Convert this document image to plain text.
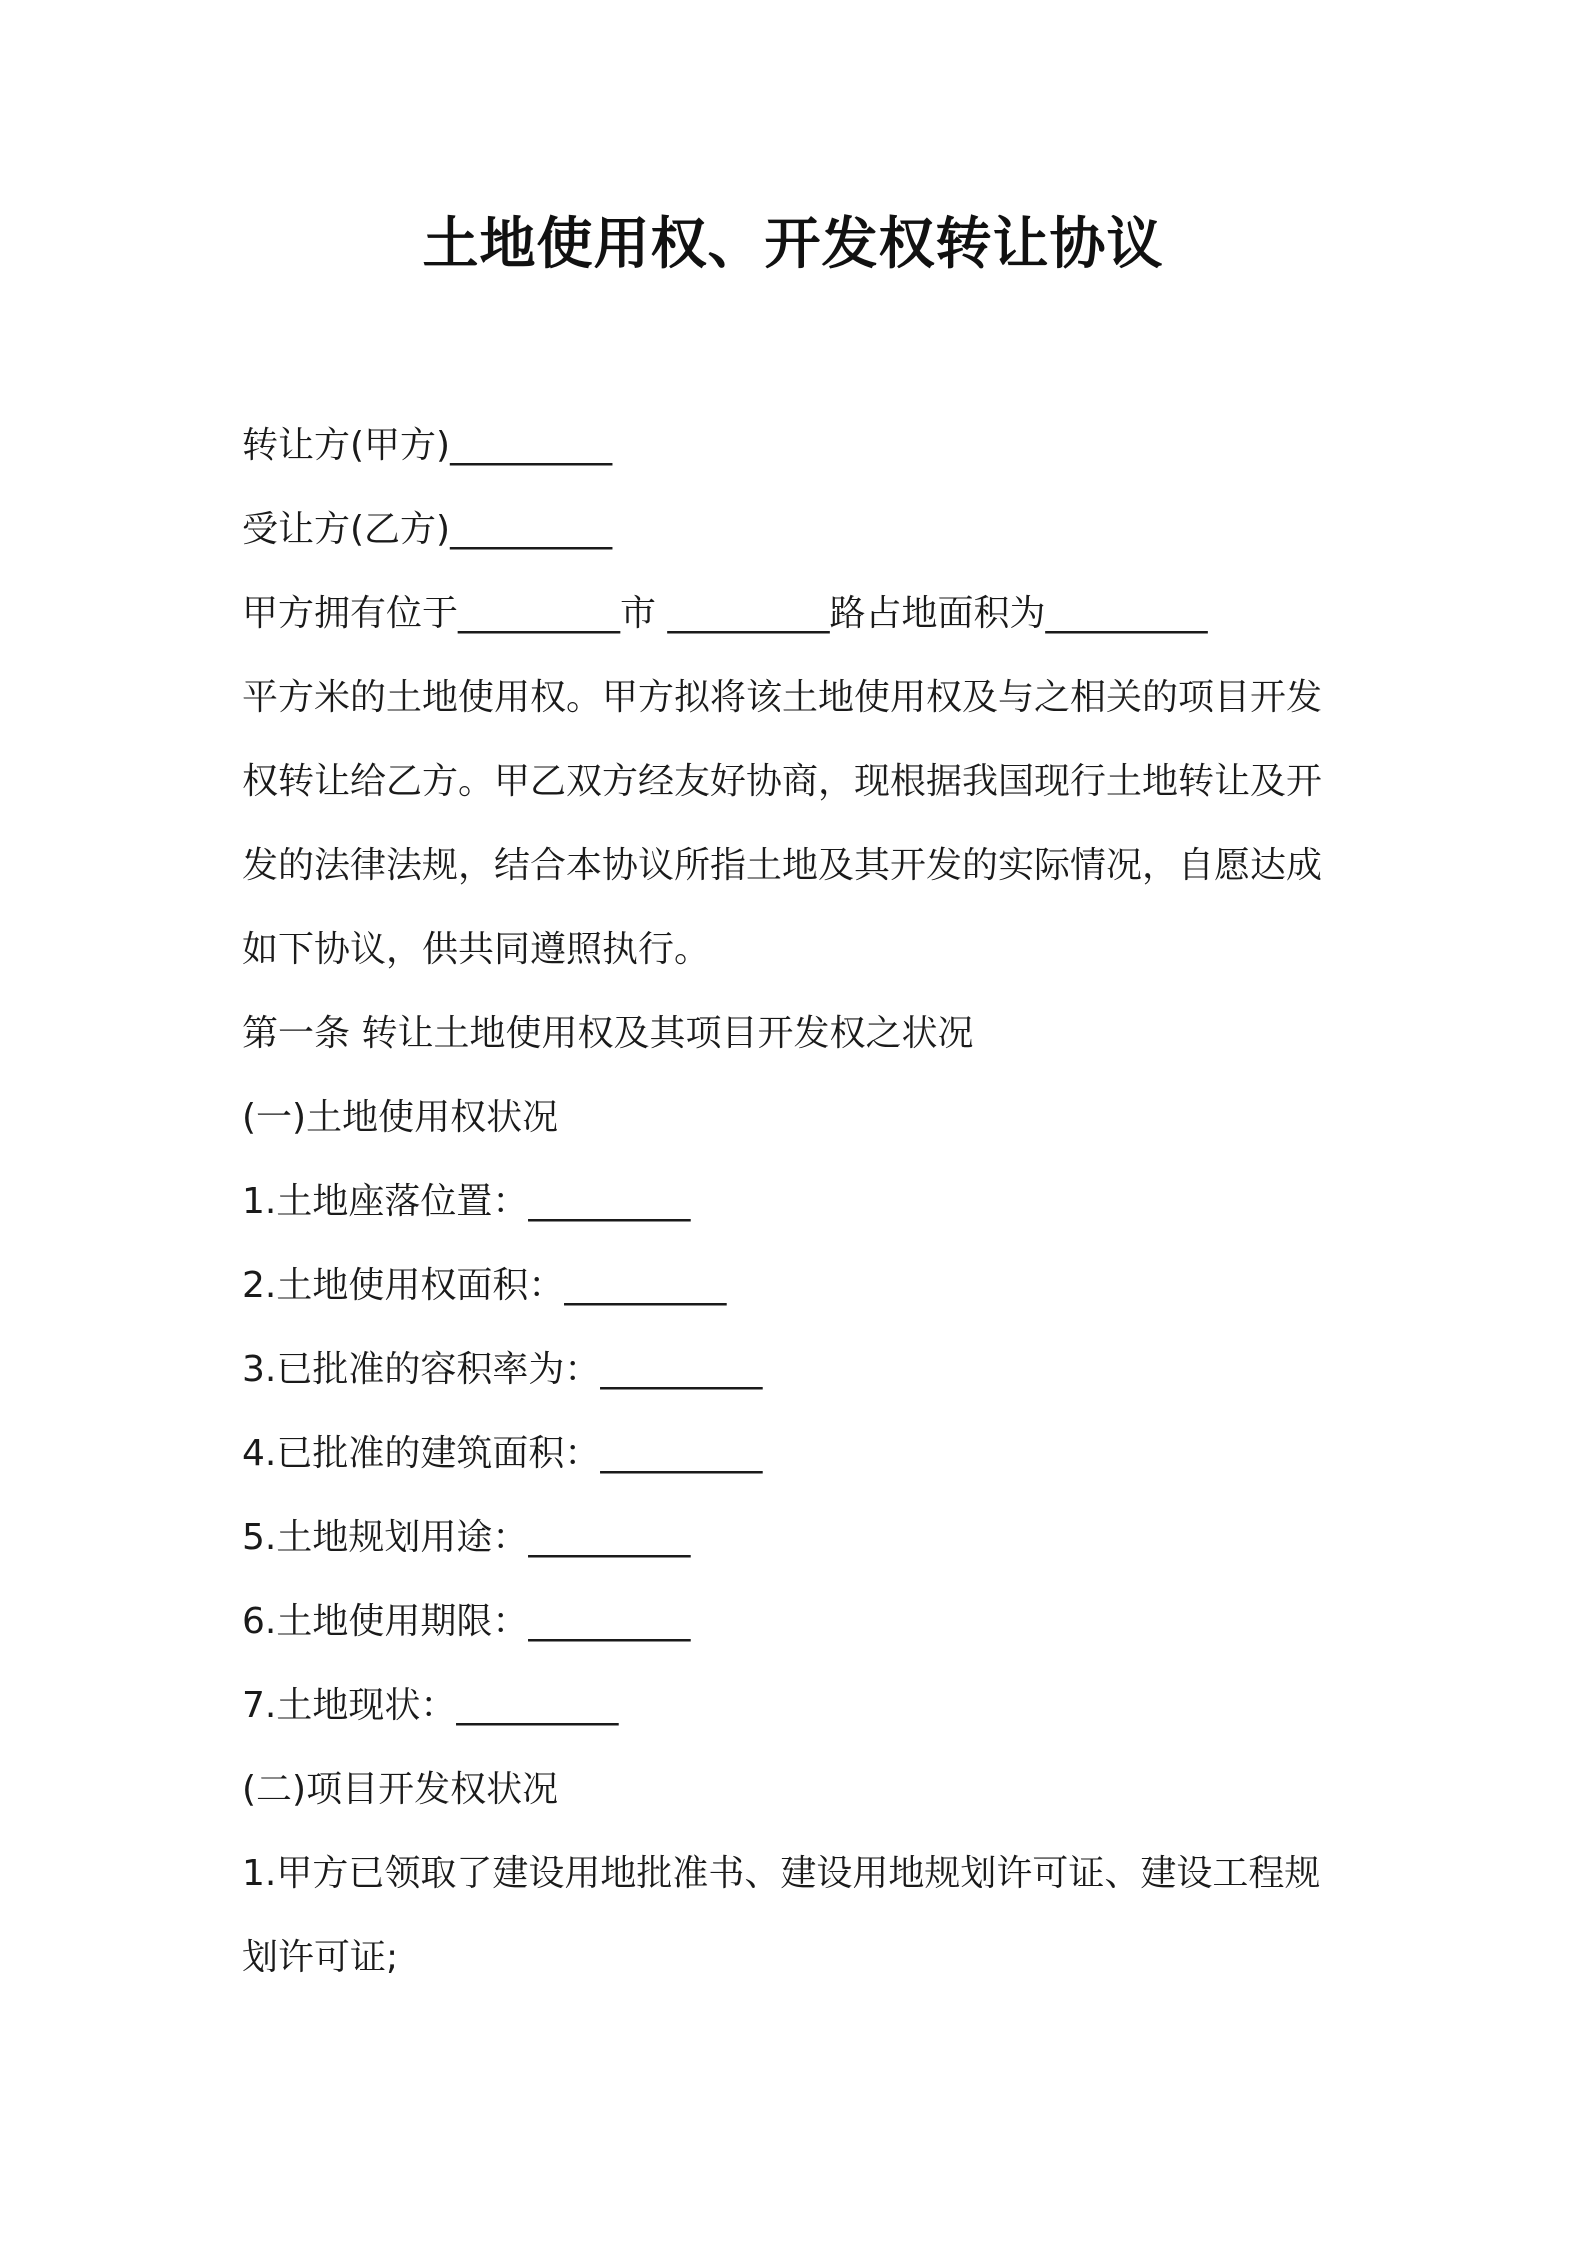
土地使用权、开发权转让协议
转让方(甲方)_________
受让方(乙方)_________
甲方拥有位于_________市 _________路占地面积为_________
平方米的土地使用权。甲方拟将该土地使用权及与之相关的项目开发
权转让给乙方。甲乙双方经友好协商，现根据我国现行土地转让及开
发的法律法规，结合本协议所指土地及其开发的实际情况，自愿达成
如下协议，供共同遵照执行。
第一条 转让土地使用权及其项目开发权之状况
(一)土地使用权状况
1.土地座落位置：_________
2.土地使用权面积：_________
3.已批准的容积率为：_________
4.已批准的建筑面积：_________
5.土地规划用途：_________
6.土地使用期限：_________
7.土地现状：_________
(二)项目开发权状况
1.甲方已领取了建设用地批准书、建设用地规划许可证、建设工程规
划许可证;
